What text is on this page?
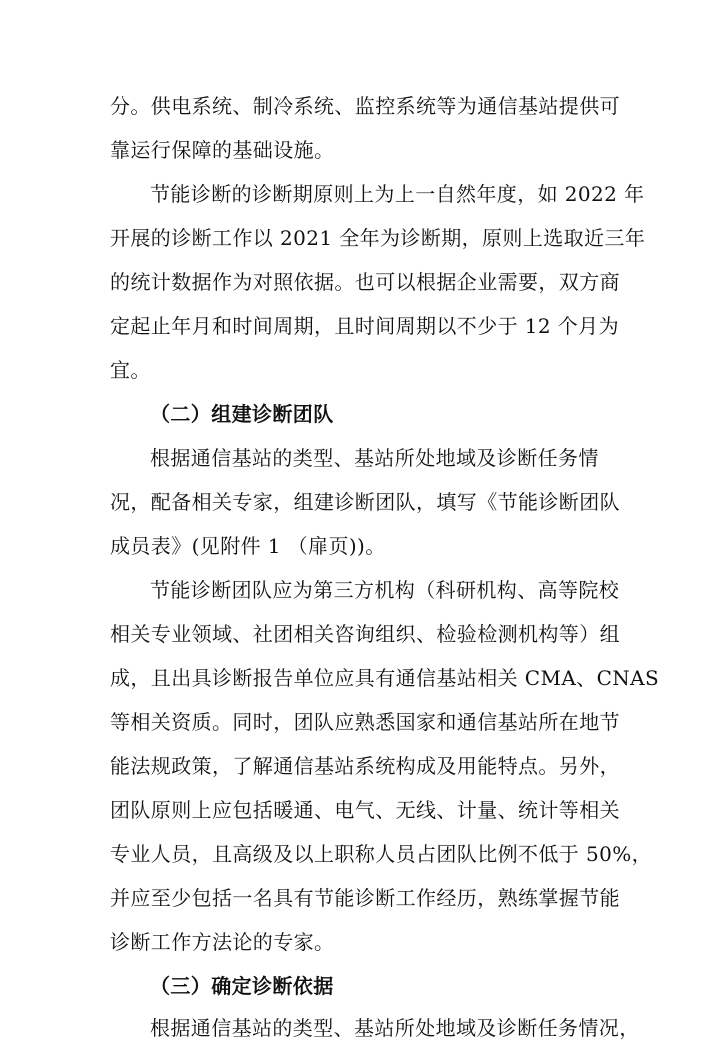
分。供电系统、制冷系统、监控系统等为通信基站提供可
靠运行保障的基础设施。
节能诊断的诊断期原则上为上一自然年度，如 2022 年
开展的诊断工作以 2021 全年为诊断期，原则上选取近三年
的统计数据作为对照依据。也可以根据企业需要，双方商
定起止年月和时间周期，且时间周期以不少于 12 个月为
宜。
（二）组建诊断团队
根据通信基站的类型、基站所处地域及诊断任务情
况，配备相关专家，组建诊断团队，填写《节能诊断团队
成员表》(见附件 1 （扉页))。
节能诊断团队应为第三方机构（科研机构、高等院校
相关专业领域、社团相关咨询组织、检验检测机构等）组
成，且出具诊断报告单位应具有通信基站相关 CMA、CNAS
等相关资质。同时，团队应熟悉国家和通信基站所在地节
能法规政策，了解通信基站系统构成及用能特点。另外，
团队原则上应包括暖通、电气、无线、计量、统计等相关
专业人员，且高级及以上职称人员占团队比例不低于 50%，
并应至少包括一名具有节能诊断工作经历，熟练掌握节能
诊断工作方法论的专家。
（三）确定诊断依据
根据通信基站的类型、基站所处地域及诊断任务情况，
